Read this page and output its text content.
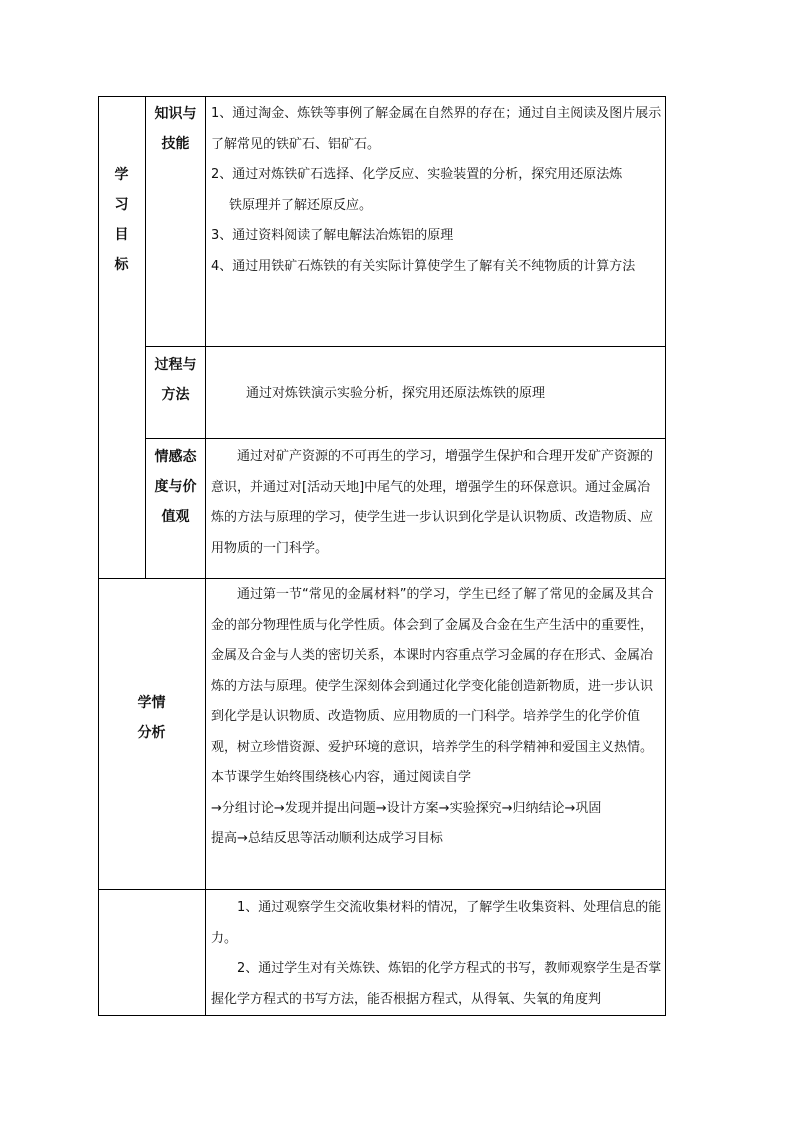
学
习
目
标
知识与
技能

1、通过淘金、炼铁等事例了解金属在自然界的存在；通过自主阅读及图片展示了解常见的铁矿石、铝矿石。

2、通过对炼铁矿石选择、化学反应、实验装置的分析，探究用还原法炼

铁原理并了解还原反应。

3、通过资料阅读了解电解法冶炼铝的原理

4、通过用铁矿石炼铁的有关实际计算使学生了解有关不纯物质的计算方法

过程与
方法	通过对炼铁演示实验分析，探究用还原法炼铁的原理

情感态
度与价
值观

通过对矿产资源的不可再生的学习，增强学生保护和合理开发矿产资源的意识，并通过对[活动天地]中尾气的处理，增强学生的环保意识。通过金属冶炼的方法与原理的学习，使学生进一步认识到化学是认识物质、改造物质、应用物质的一门科学。

学情
分析

通过第一节“常见的金属材料”的学习，学生已经了解了常见的金属及其合金的部分物理性质与化学性质。体会到了金属及合金在生产生活中的重要性，金属及合金与人类的密切关系，本课时内容重点学习金属的存在形式、金属冶炼的方法与原理。使学生深刻体会到通过化学变化能创造新物质，进一步认识到化学是认识物质、改造物质、应用物质的一门科学。培养学生的化学价值观，树立珍惜资源、爱护环境的意识，培养学生的科学精神和爱国主义热情。本节课学生始终围绕核心内容，通过阅读自学

→分组讨论→发现并提出问题→设计方案→实验探究→归纳结论→巩固

提高→总结反思等活动顺利达成学习目标

1、通过观察学生交流收集材料的情况，了解学生收集资料、处理信息的能力。

2、通过学生对有关炼铁、炼铝的化学方程式的书写，教师观察学生是否掌握化学方程式的书写方法，能否根据方程式，从得氧、失氧的角度判
